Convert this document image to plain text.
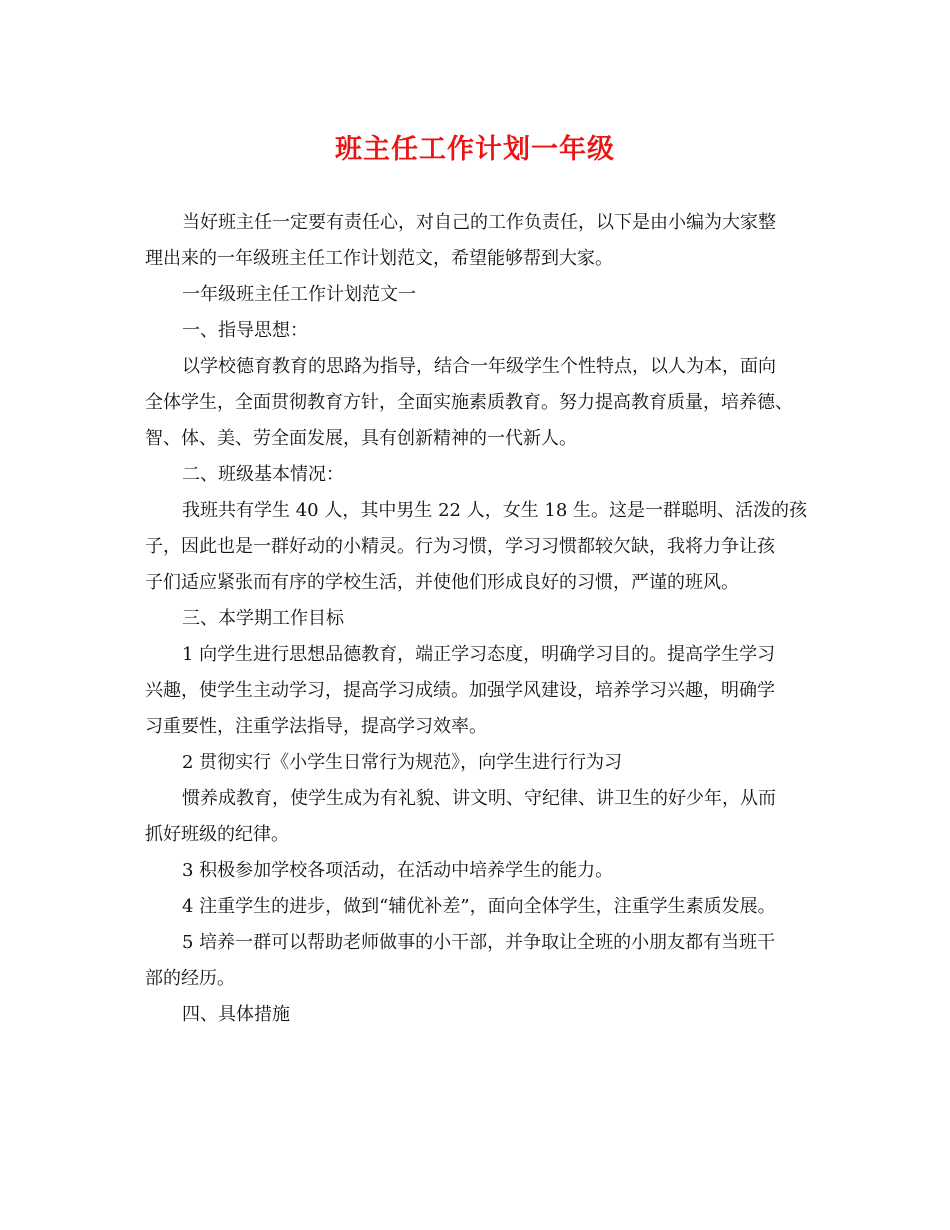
班主任工作计划一年级
当好班主任一定要有责任心，对自己的工作负责任，以下是由小编为大家整
理出来的一年级班主任工作计划范文，希望能够帮到大家。
一年级班主任工作计划范文一
一、指导思想：
以学校德育教育的思路为指导，结合一年级学生个性特点，以人为本，面向
全体学生，全面贯彻教育方针，全面实施素质教育。努力提高教育质量，培养德、
智、体、美、劳全面发展，具有创新精神的一代新人。
二、班级基本情况：
我班共有学生 40 人，其中男生 22 人，女生 18 生。这是一群聪明、活泼的孩
子，因此也是一群好动的小精灵。行为习惯，学习习惯都较欠缺，我将力争让孩
子们适应紧张而有序的学校生活，并使他们形成良好的习惯，严谨的班风。
三、本学期工作目标
1 向学生进行思想品德教育，端正学习态度，明确学习目的。提高学生学习
兴趣，使学生主动学习，提高学习成绩。加强学风建设，培养学习兴趣，明确学
习重要性，注重学法指导，提高学习效率。
2 贯彻实行《小学生日常行为规范》，向学生进行行为习
惯养成教育，使学生成为有礼貌、讲文明、守纪律、讲卫生的好少年，从而
抓好班级的纪律。
3 积极参加学校各项活动，在活动中培养学生的能力。
4 注重学生的进步，做到“辅优补差”，面向全体学生，注重学生素质发展。
5 培养一群可以帮助老师做事的小干部，并争取让全班的小朋友都有当班干
部的经历。
四、具体措施
